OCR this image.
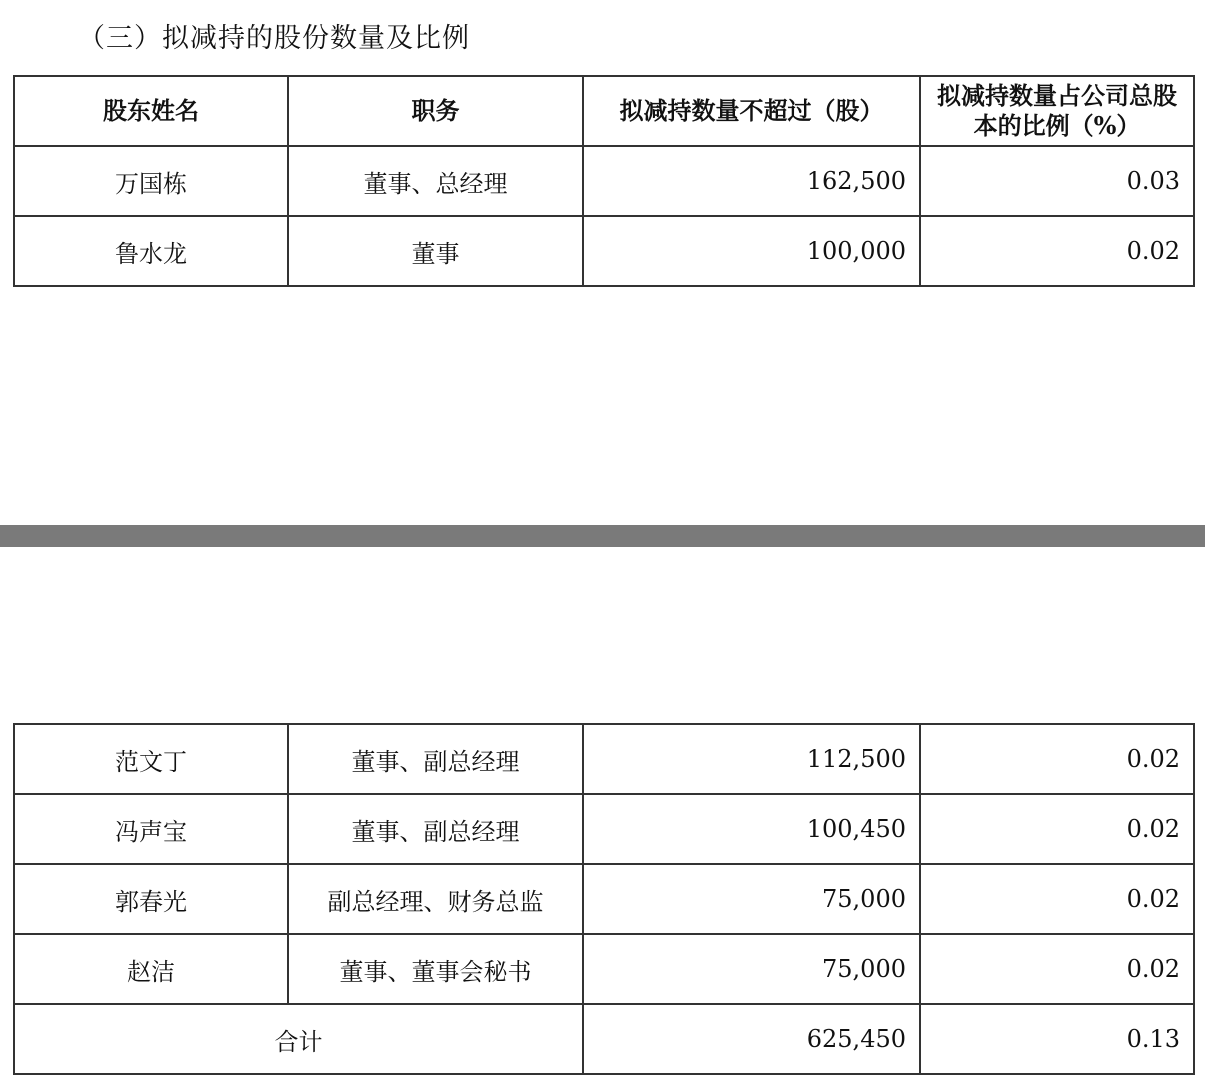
（三）拟减持的股份数量及比例
股东姓名	职务	拟减持数量不超过（股）	拟减持数量占公司总股本的比例（%）
万国栋	董事、总经理	162,500	0.03
鲁水龙	董事	100,000	0.02
范文丁	董事、副总经理	112,500	0.02
冯声宝	董事、副总经理	100,450	0.02
郭春光	副总经理、财务总监	75,000	0.02
赵洁	董事、董事会秘书	75,000	0.02
合计		625,450	0.13
